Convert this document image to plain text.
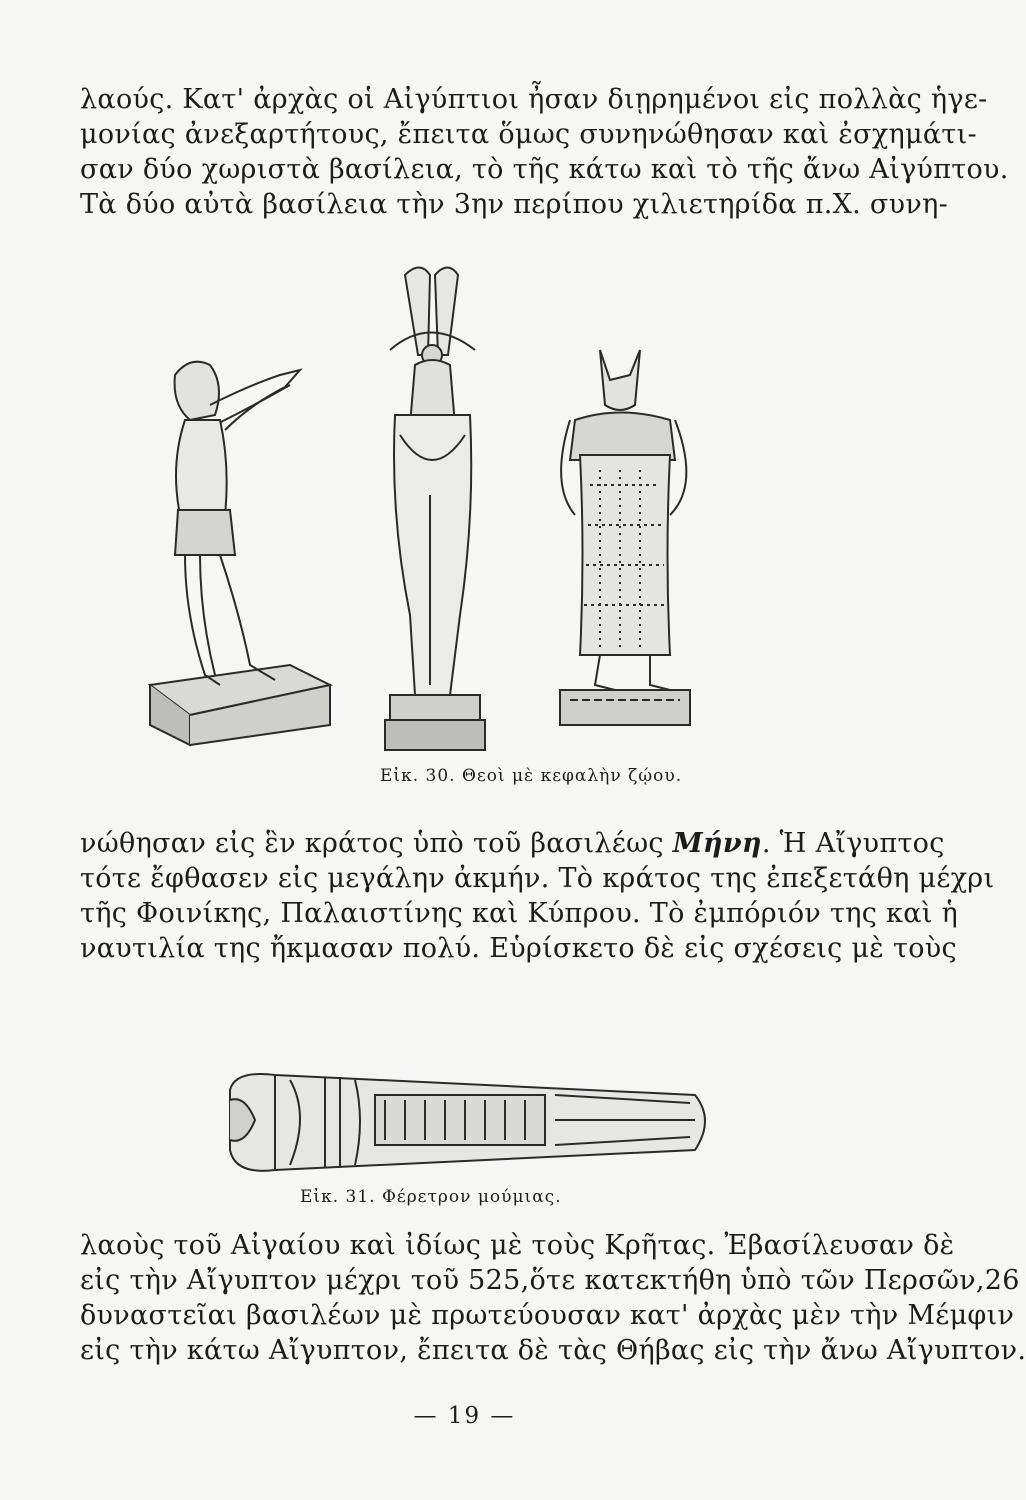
λαούς. Κατ' ἀρχὰς οἱ Αἰγύπτιοι ἦσαν διῃρημένοι εἰς πολλὰς ἡγε-
μονίας ἀνεξαρτήτους, ἔπειτα ὅμως συνηνώθησαν καὶ ἐσχημάτι-
σαν δύο χωριστὰ βασίλεια, τὸ τῆς κάτω καὶ τὸ τῆς ἄνω Αἰγύπτου.
Τὰ δύο αὐτὰ βασίλεια τὴν 3ην περίπου χιλιετηρίδα π.Χ. συνη-
Εἰκ. 30. Θεοὶ μὲ κεφαλὴν ζῴου.
νώθησαν εἰς ἓν κράτος ὑπὸ τοῦ βασιλέως Μήνη. Ἡ Αἴγυπτος
τότε ἔφθασεν εἰς μεγάλην ἀκμήν. Τὸ κράτος της ἐπεξετάθη μέχρι
τῆς Φοινίκης, Παλαιστίνης καὶ Κύπρου. Τὸ ἐμπόριόν της καὶ ἡ
ναυτιλία της ἤκμασαν πολύ. Εὑρίσκετο δὲ εἰς σχέσεις μὲ τοὺς
Εἰκ. 31. Φέρετρον μούμιας.
λαοὺς τοῦ Αἰγαίου καὶ ἰδίως μὲ τοὺς Κρῆτας. Ἐβασίλευσαν δὲ
εἰς τὴν Αἴγυπτον μέχρι τοῦ 525,ὅτε κατεκτήθη ὑπὸ τῶν Περσῶν,26
δυναστεῖαι βασιλέων μὲ πρωτεύουσαν κατ' ἀρχὰς μὲν τὴν Μέμφιν
εἰς τὴν κάτω Αἴγυπτον, ἔπειτα δὲ τὰς Θήβας εἰς τὴν ἄνω Αἴγυπτον.
— 19 —
